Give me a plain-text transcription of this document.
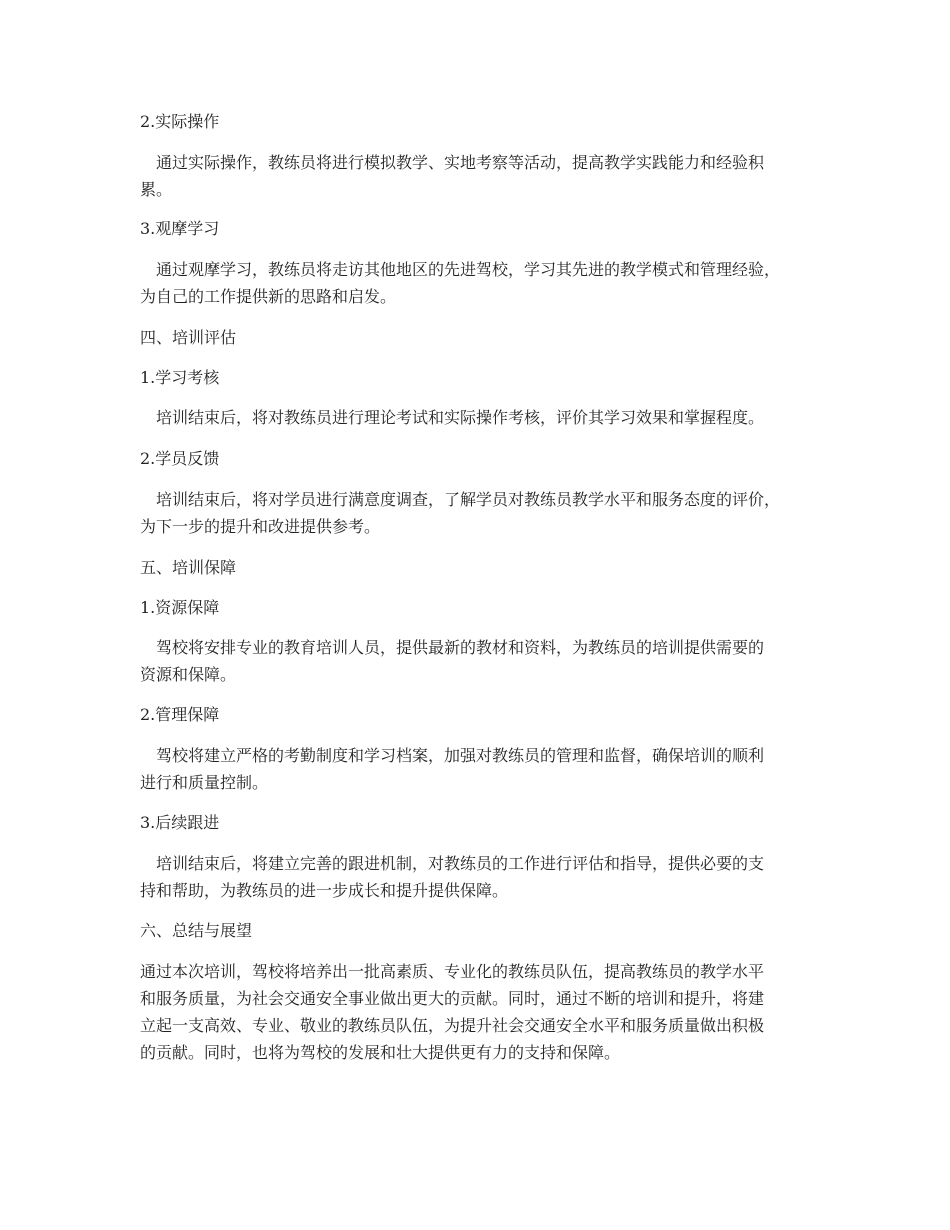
2.实际操作
通过实际操作，教练员将进行模拟教学、实地考察等活动，提高教学实践能力和经验积
累。
3.观摩学习
通过观摩学习，教练员将走访其他地区的先进驾校，学习其先进的教学模式和管理经验，
为自己的工作提供新的思路和启发。
四、培训评估
1.学习考核
培训结束后，将对教练员进行理论考试和实际操作考核，评价其学习效果和掌握程度。
2.学员反馈
培训结束后，将对学员进行满意度调查，了解学员对教练员教学水平和服务态度的评价，
为下一步的提升和改进提供参考。
五、培训保障
1.资源保障
驾校将安排专业的教育培训人员，提供最新的教材和资料，为教练员的培训提供需要的
资源和保障。
2.管理保障
驾校将建立严格的考勤制度和学习档案，加强对教练员的管理和监督，确保培训的顺利
进行和质量控制。
3.后续跟进
培训结束后，将建立完善的跟进机制，对教练员的工作进行评估和指导，提供必要的支
持和帮助，为教练员的进一步成长和提升提供保障。
六、总结与展望
通过本次培训，驾校将培养出一批高素质、专业化的教练员队伍，提高教练员的教学水平
和服务质量，为社会交通安全事业做出更大的贡献。同时，通过不断的培训和提升，将建
立起一支高效、专业、敬业的教练员队伍，为提升社会交通安全水平和服务质量做出积极
的贡献。同时，也将为驾校的发展和壮大提供更有力的支持和保障。
